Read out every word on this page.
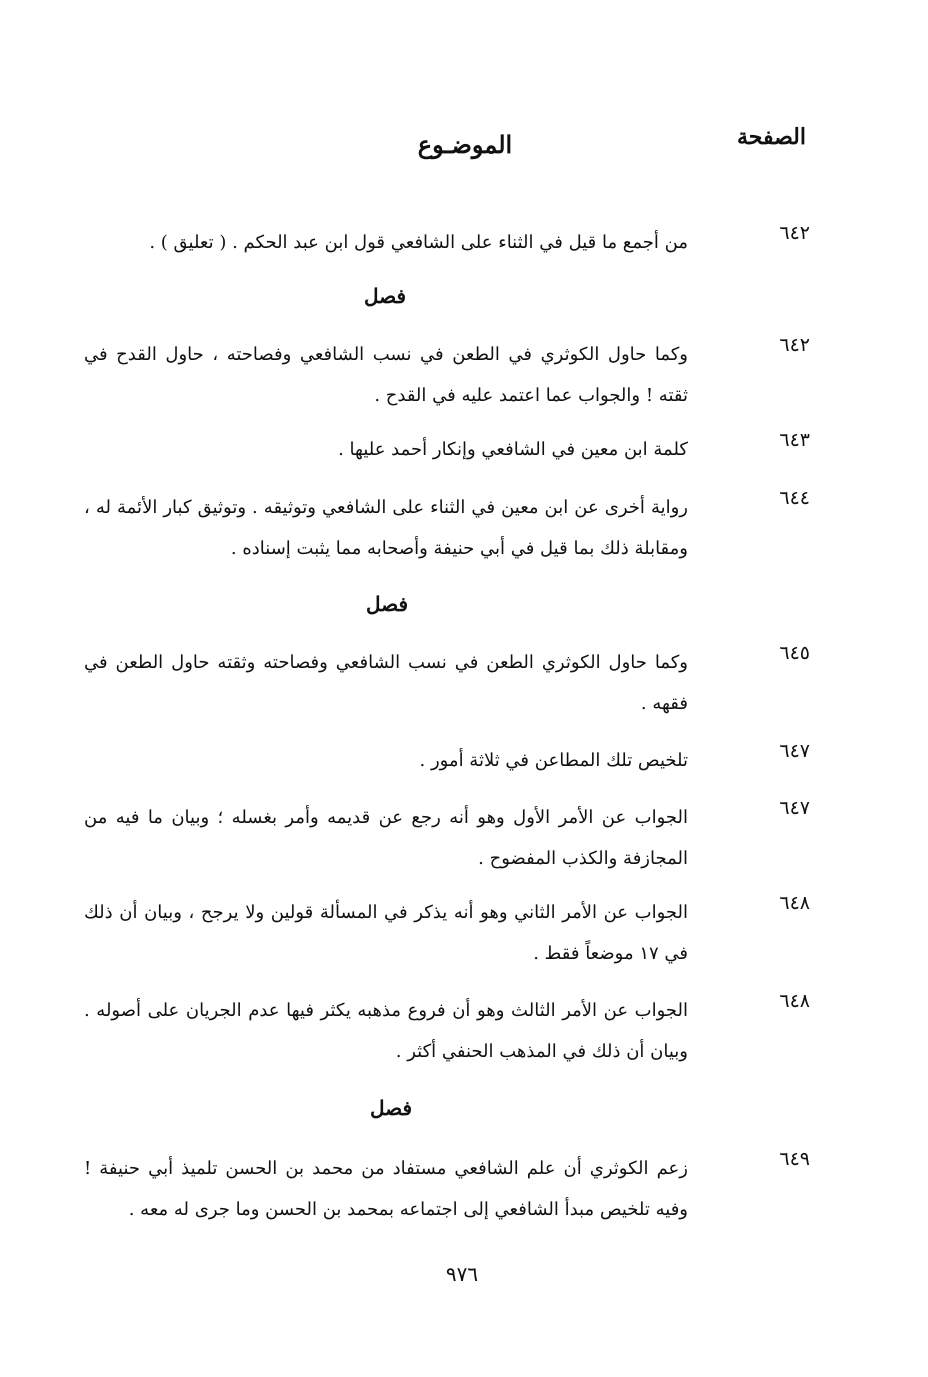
الصفحة
الموضـوع
٦٤٢
من أجمع ما قيل في الثناء على الشافعي قول ابن عبد الحكم . ( تعليق ) .
فصل
٦٤٢
وكما حاول الكوثري في الطعن في نسب الشافعي وفصاحته ، حاول القدح في ثقته ! والجواب عما اعتمد عليه في القدح .
٦٤٣
كلمة ابن معين في الشافعي وإنكار أحمد عليها .
٦٤٤
رواية أخرى عن ابن معين في الثناء على الشافعي وتوثيقه . وتوثيق كبار الأئمة له ، ومقابلة ذلك بما قيل في أبي حنيفة وأصحابه مما يثبت إسناده .
فصل
٦٤٥
وكما حاول الكوثري الطعن في نسب الشافعي وفصاحته وثقته حاول الطعن في فقهه .
٦٤٧
تلخيص تلك المطاعن في ثلاثة أمور .
٦٤٧
الجواب عن الأمر الأول وهو أنه رجع عن قديمه وأمر بغسله ؛ وبيان ما فيه من المجازفة والكذب المفضوح .
٦٤٨
الجواب عن الأمر الثاني وهو أنه يذكر في المسألة قولين ولا يرجح ، وبيان أن ذلك في ١٧ موضعاً فقط .
٦٤٨
الجواب عن الأمر الثالث وهو أن فروع مذهبه يكثر فيها عدم الجريان على أصوله . وبيان أن ذلك في المذهب الحنفي أكثر .
فصل
٦٤٩
زعم الكوثري أن علم الشافعي مستفاد من محمد بن الحسن تلميذ أبي حنيفة ! وفيه تلخيص مبدأ الشافعي إلى اجتماعه بمحمد بن الحسن وما جرى له معه .
٩٧٦
